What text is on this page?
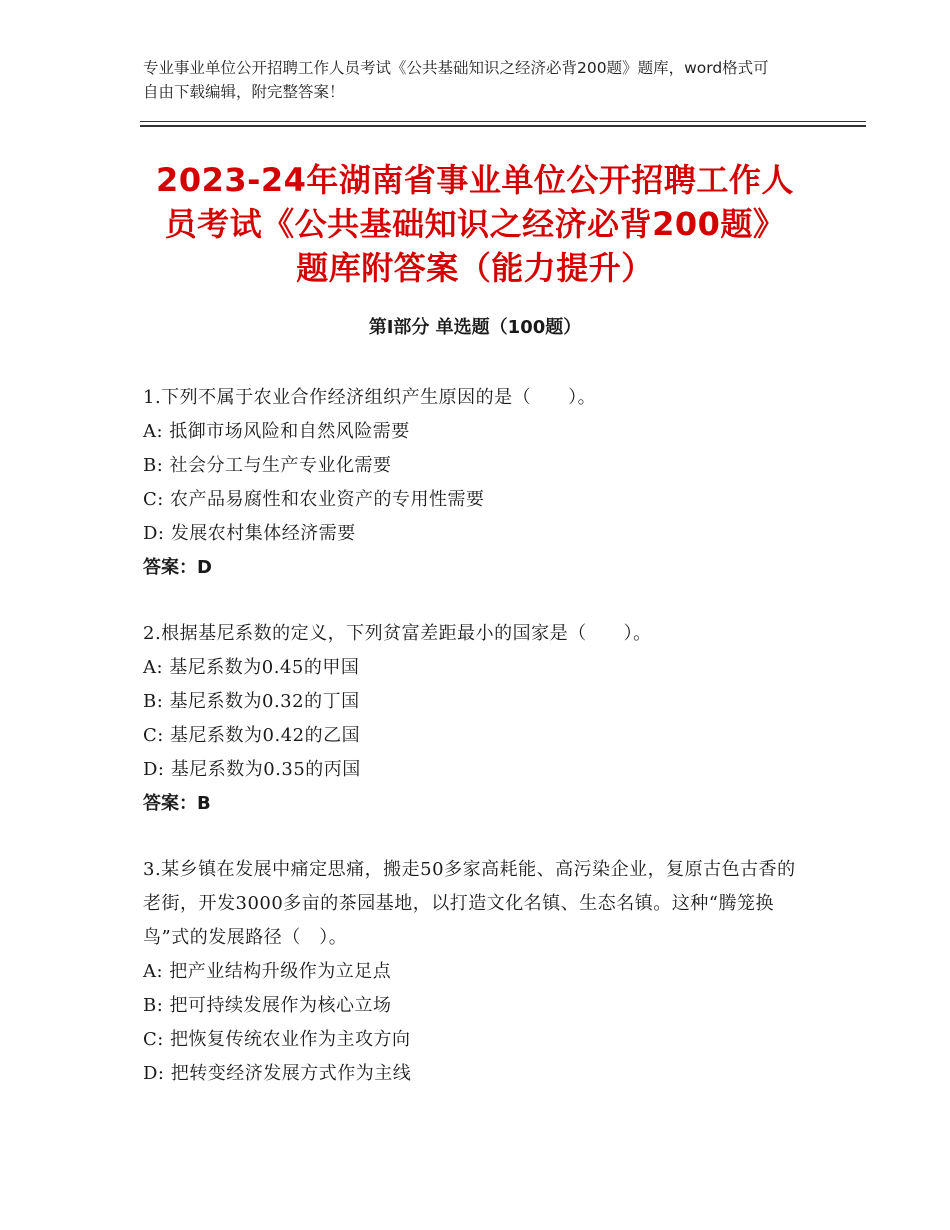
专业事业单位公开招聘工作人员考试《公共基础知识之经济必背200题》题库，word格式可自由下载编辑，附完整答案！
2023-24年湖南省事业单位公开招聘工作人
员考试《公共基础知识之经济必背200题》
题库附答案（能力提升）
第I部分 单选题（100题）
1.下列不属于农业合作经济组织产生原因的是（　　）。
A: 抵御市场风险和自然风险需要
B: 社会分工与生产专业化需要
C: 农产品易腐性和农业资产的专用性需要
D: 发展农村集体经济需要
答案：D
2.根据基尼系数的定义，下列贫富差距最小的国家是（　　）。
A: 基尼系数为0.45的甲国
B: 基尼系数为0.32的丁国
C: 基尼系数为0.42的乙国
D: 基尼系数为0.35的丙国
答案：B
3.某乡镇在发展中痛定思痛，搬走50多家高耗能、高污染企业，复原古色古香的老街，开发3000多亩的茶园基地，以打造文化名镇、生态名镇。这种“腾笼换鸟”式的发展路径（　）。
A: 把产业结构升级作为立足点
B: 把可持续发展作为核心立场
C: 把恢复传统农业作为主攻方向
D: 把转变经济发展方式作为主线
